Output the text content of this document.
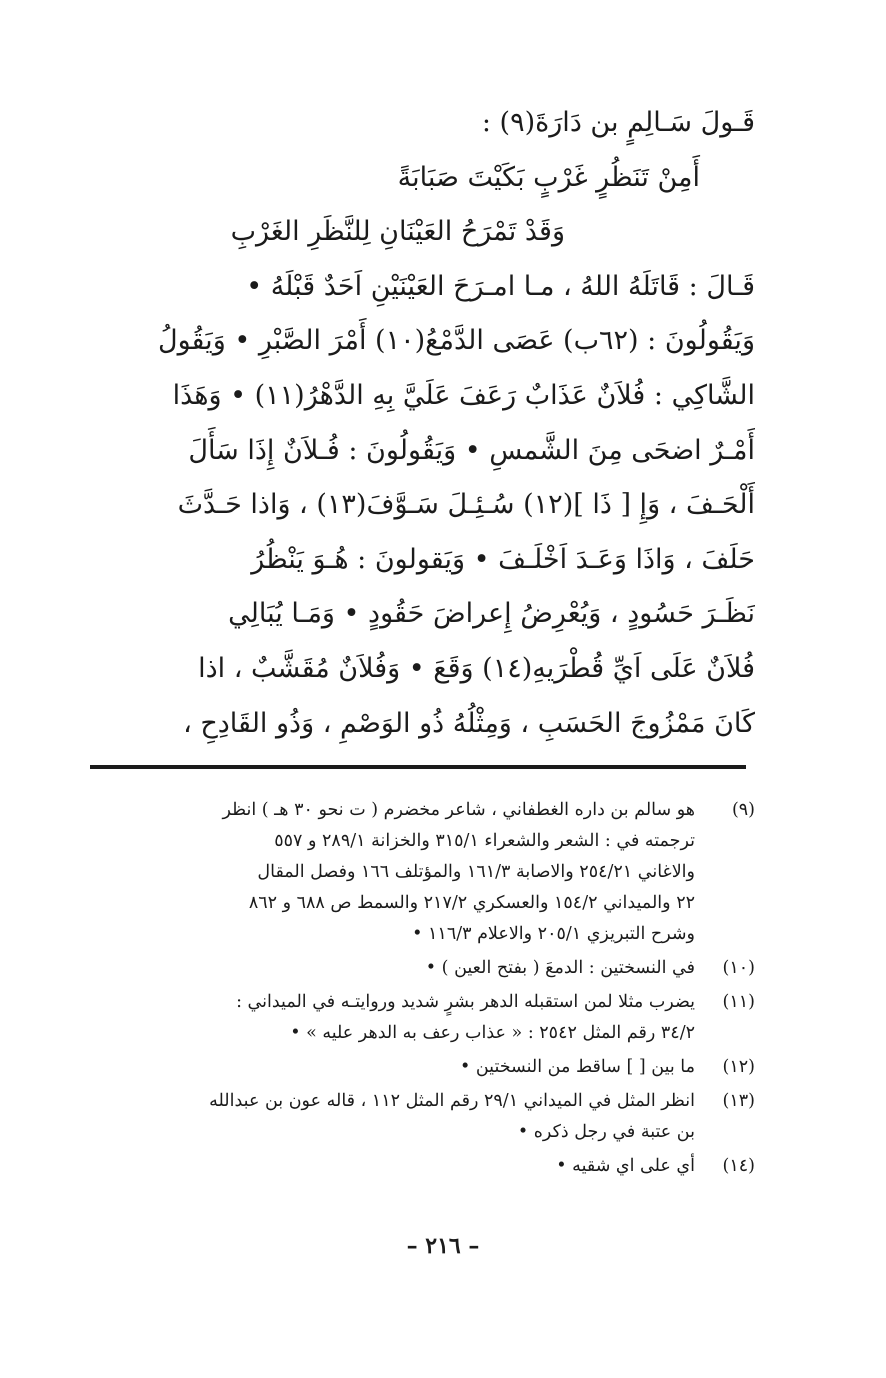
قَـولَ سَـالِمٍ بن دَارَةَ(٩) :
أَمِنْ تَنَظُرٍ غَرْبٍ بَكَيْتَ صَبَابَةً
وَقَدْ تَمْرَحُ العَيْنَانِ لِلنَّظَرِ الغَرْبِ
قَـالَ : قَاتَلَهُ اللهُ ، مـا امـرَحَ العَيْنَيْنِ اَحَدٌ قَبْلَهُ •
وَيَقُولُونَ : (٦٢ب) عَصَى الدَّمْعُ(١٠) أَمْرَ الصَّبْرِ • وَيَقُولُ
الشَّاكِي : فُلاَنٌ عَذَابٌ رَعَفَ عَلَيَّ بِهِ الدَّهْرُ(١١) • وَهَذَا
أَمْـرٌ اضحَى مِنَ الشَّمسِ • وَيَقُولُونَ : فُـلاَنٌ إِذَا سَأَلَ
أَلْحَـفَ ، وَإِ [ ذَا ](١٢) سُـئِـلَ سَـوَّفَ(١٣) ، وَاذا حَـدَّثَ
حَلَفَ ، وَاذَا وَعَـدَ اَخْلَـفَ • وَيَقولونَ : هُـوَ يَنْظُرُ
نَظَـرَ حَسُودٍ ، وَيُعْرِضُ إِعراضَ حَقُودٍ • وَمَـا يُبَالِي
فُلاَنٌ عَلَى اَيِّ قُطْرَيهِ(١٤) وَقَعَ • وَفُلاَنٌ مُقَشَّبٌ ، اذا
كَانَ مَمْزُوجَ الحَسَبِ ، وَمِثْلُهُ ذُو الوَصْمِ ، وَذُو القَادِحِ ،
(٩)
هو سالم بن داره الغطفاني ، شاعر مخضرم ( ت نحو ٣٠ هـ ) انظر
ترجمته في : الشعر والشعراء ٣١٥/١ والخزانة ٢٨٩/١ و ٥٥٧
والاغاني ٢٥٤/٢١ والاصابة ١٦١/٣ والمؤتلف ١٦٦ وفصل المقال
٢٢ والميداني ١٥٤/٢ والعسكري ٢١٧/٢ والسمط ص ٦٨٨ و ٨٦٢
وشرح التبريزي ٢٠٥/١ والاعلام ١١٦/٣ •
(١٠)
في النسختين : الدمعَ ( بفتح العين ) •
(١١)
يضرب مثلا لمن استقبله الدهر بشرٍ شديد وروايتـه في الميداني :
٣٤/٢ رقم المثل ٢٥٤٢ : « عذاب رعف به الدهر عليه » •
(١٢)
ما بين [ ] ساقط من النسختين •
(١٣)
انظر المثل في الميداني ٢٩/١ رقم المثل ١١٢ ، قاله عون بن عبدالله
بن عتبة في رجل ذكره •
(١٤)
أي على اي شقيه •
– ٢١٦ –
